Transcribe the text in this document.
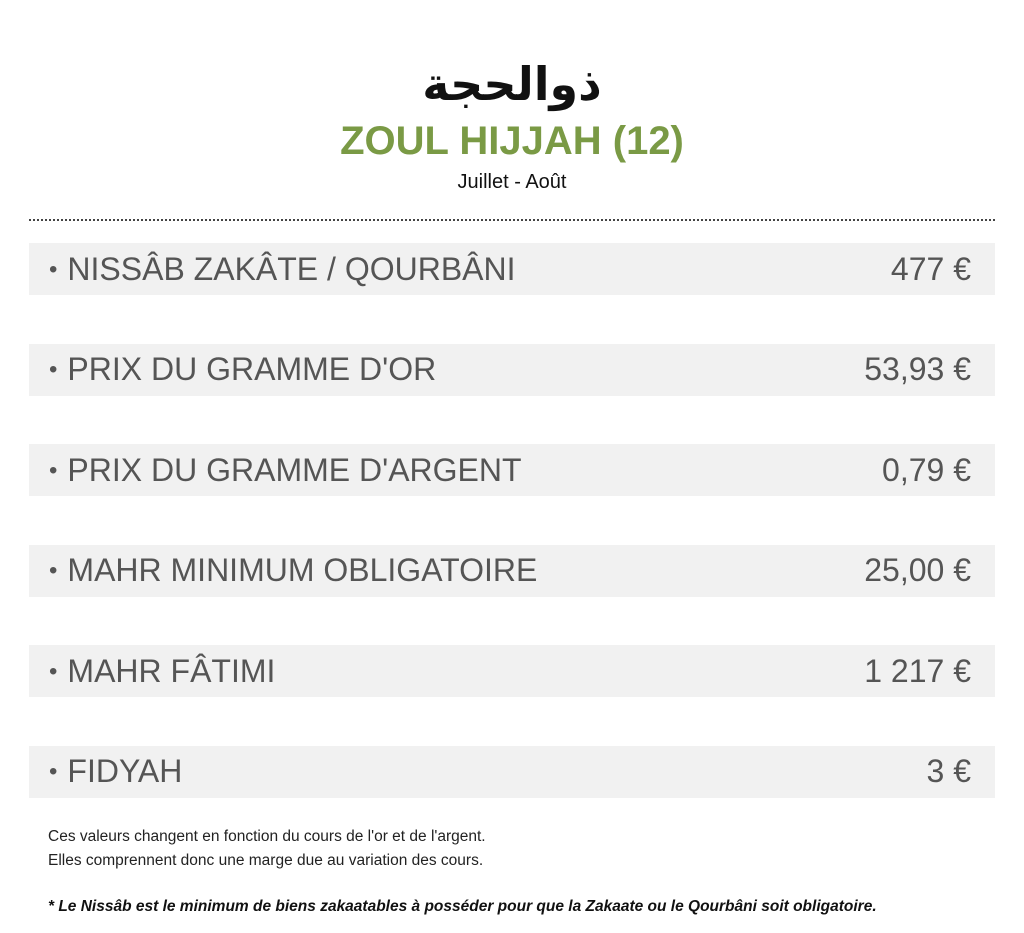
ذوالحجة
ZOUL HIJJAH (12)
Juillet - Août
• NISSÂB ZAKÂTE / QOURBÂNI	477 €
• PRIX DU GRAMME D'OR	53,93 €
• PRIX DU GRAMME D'ARGENT	0,79 €
• MAHR MINIMUM OBLIGATOIRE	25,00 €
• MAHR FÂTIMI	1 217 €
• FIDYAH	3 €
Ces valeurs changent en fonction du cours de l'or et de l'argent.
Elles comprennent donc une marge due au variation des cours.
* Le Nissâb est le minimum de biens zakaatables à posséder pour que la Zakaate ou le Qourbâni soit obligatoire.
